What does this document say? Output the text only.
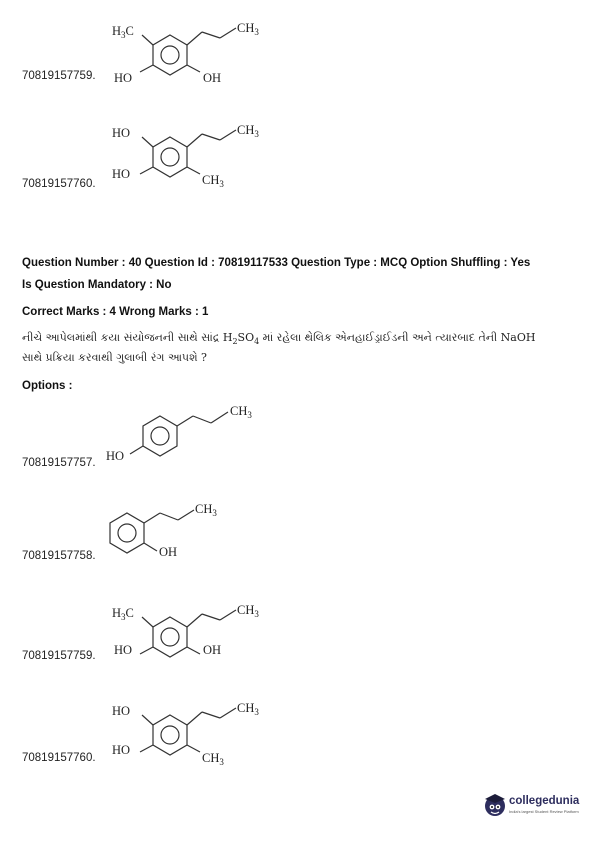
$H_3C$	$CH_3$
HO	OH
70819157759.
HO	$CH_3$
HO	$CH_3$
70819157760.
Question Number : 40 Question Id : 70819117533 Question Type : MCQ Option Shuffling : Yes
Is Question Mandatory : No
Correct Marks : 4 Wrong Marks : 1
નીચે આપેલમાંથી કયા સંયોજનની સાથે સાંદ્ર $H_2SO_4$ માં રહેલા થેલિક એનહાઈડ્રાઈડની અને ત્યારબાદ તેની NaOH
સાથે પ્રક્રિયા કરવાથી ગુલાબી રંગ આપશે ?
Options :
$CH_3$
HO
70819157757.
$CH_3$
OH
70819157758.
$H_3C$	$CH_3$
HO	OH
70819157759.
HO	$CH_3$
HO
$CH_3$
70819157760.
collegedunia
India's largest Student Review Platform
